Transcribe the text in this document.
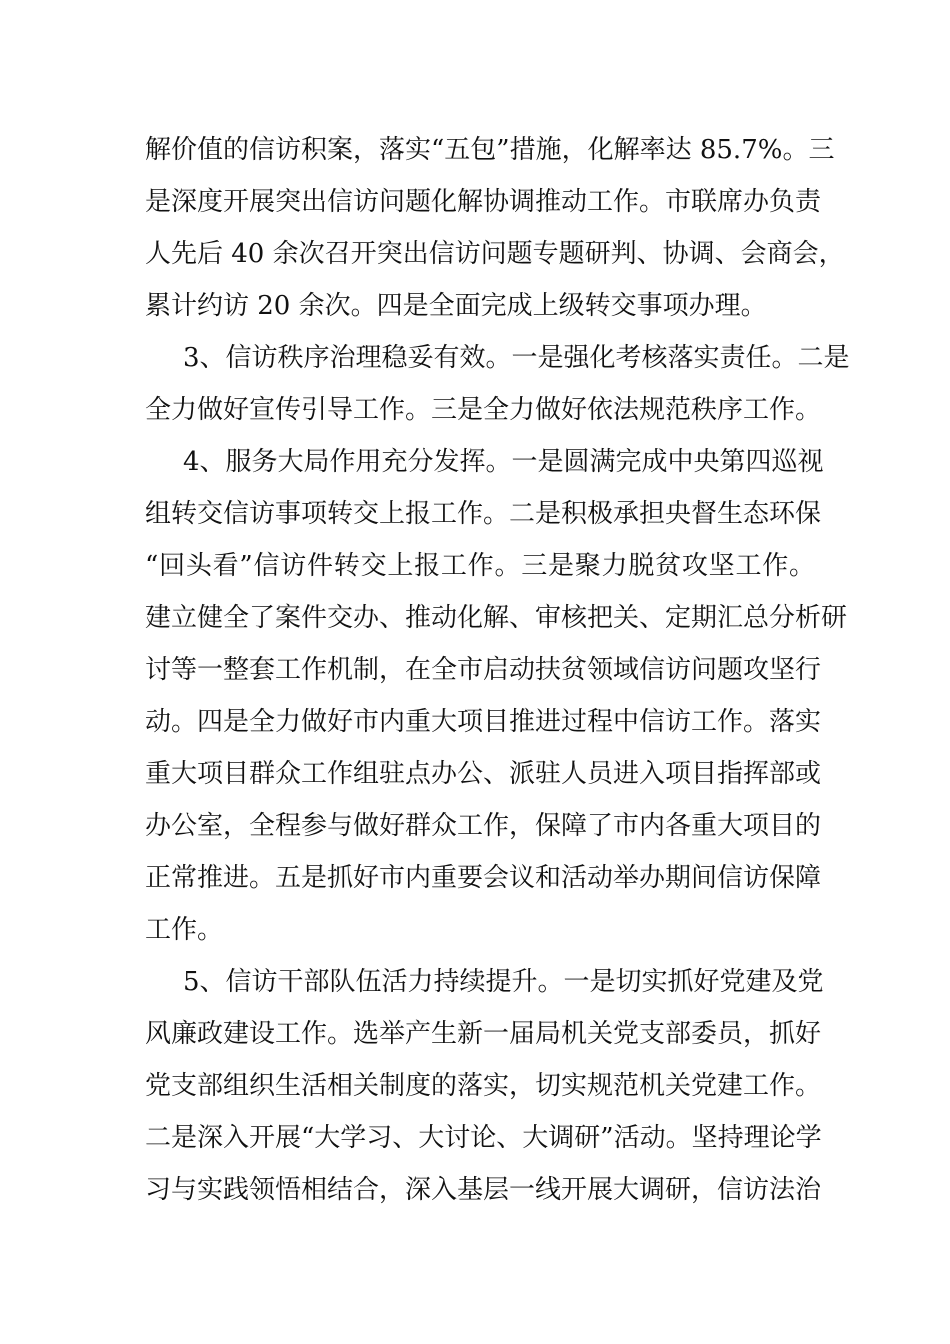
解价值的信访积案，落实“五包”措施，化解率达 85.7%。三
是深度开展突出信访问题化解协调推动工作。市联席办负责
人先后 40 余次召开突出信访问题专题研判、协调、会商会，
累计约访 20 余次。四是全面完成上级转交事项办理。
3、信访秩序治理稳妥有效。一是强化考核落实责任。二是
全力做好宣传引导工作。三是全力做好依法规范秩序工作。
4、服务大局作用充分发挥。一是圆满完成中央第四巡视
组转交信访事项转交上报工作。二是积极承担央督生态环保
“回头看”信访件转交上报工作。三是聚力脱贫攻坚工作。
建立健全了案件交办、推动化解、审核把关、定期汇总分析研
讨等一整套工作机制，在全市启动扶贫领域信访问题攻坚行
动。四是全力做好市内重大项目推进过程中信访工作。落实
重大项目群众工作组驻点办公、派驻人员进入项目指挥部或
办公室，全程参与做好群众工作，保障了市内各重大项目的
正常推进。五是抓好市内重要会议和活动举办期间信访保障
工作。
5、信访干部队伍活力持续提升。一是切实抓好党建及党
风廉政建设工作。选举产生新一届局机关党支部委员，抓好
党支部组织生活相关制度的落实，切实规范机关党建工作。
二是深入开展“大学习、大讨论、大调研”活动。坚持理论学
习与实践领悟相结合，深入基层一线开展大调研，信访法治
